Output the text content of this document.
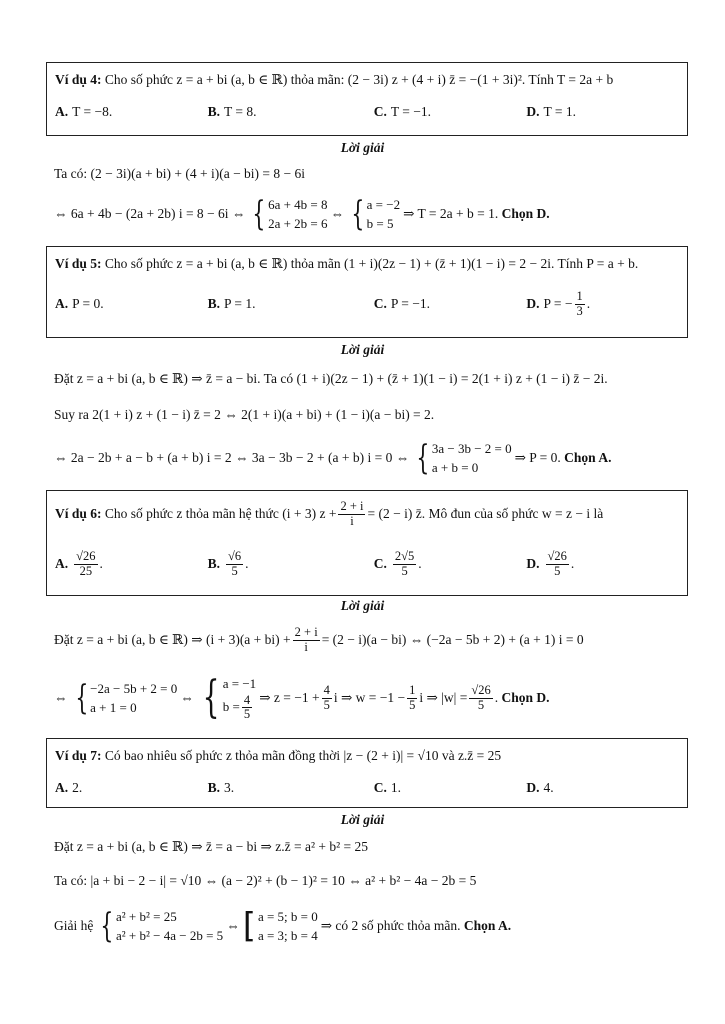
Ví dụ 4:
Cho số phức z = a + bi (a, b ∈ ℝ) thỏa mãn: (2 − 3i) z + (4 + i) z̄ = −(1 + 3i)². Tính T = 2a + b
A. T = −8.	B. T = 8.	C. T = −1.	D. T = 1.
Lời giải
Ta có: (2 − 3i)(a + bi) + (4 + i)(a − bi) = 8 − 6i
⇔ 6a + 4b − (2a + 2b) i = 8 − 6i ⇔ { 6a + 4b = 8
2a + 2b = 6
⇔ { a = −2
b = 5
⇒ T = 2a + b = 1.
Chọn D.
Ví dụ 5:
Cho số phức z = a + bi (a, b ∈ ℝ) thỏa mãn (1 + i)(2z − 1) + (z̄ + 1)(1 − i) = 2 − 2i. Tính P = a + b.
A. P = 0.	B. P = 1.	C. P = −1.	D. P = − $\frac{1}{3}$ .
Lời giải
Đặt z = a + bi (a, b ∈ ℝ) ⇒ z̄ = a − bi. Ta có (1 + i)(2z − 1) + (z̄ + 1)(1 − i) = 2(1 + i) z + (1 − i) z̄ − 2i.
Suy ra 2(1 + i) z + (1 − i) z̄ = 2 ⇔ 2(1 + i)(a + bi) + (1 − i)(a − bi) = 2.
⇔ 2a − 2b + a − b + (a + b) i = 2 ⇔ 3a − 3b − 2 + (a + b) i = 0 ⇔ { 3a − 3b − 2 = 0
a + b = 0
⇒ P = 0.
Chọn A.
Ví dụ 6:
Cho số phức z thỏa mãn hệ thức (i + 3) $z + \frac{2 + i}{i} = (2 - i)$ z̄. Mô đun của số phức w = z − i là
A. $\frac{√26}{25}$ .	B. $\frac{√6}{5}$ .	C. $\frac{2√5}{5}$ .	D. $\frac{√26}{5}$ .
Lời giải
Đặt z = a + bi (a, b ∈ ℝ) ⇒ $(i + 3)(a + bi) + \frac{2 + i}{i} = (2 - i)(a - bi)$ ⇔ (−2a − 5b + 2) + (a + 1) i = 0
⇔ { −2a − 5b + 2 = 0
a + 1 = 0
⇔ { a = −1
$b = \frac{4}{5}$ ⇒ $z = -1 + \frac{4}{5}$ i ⇒ $w = -1 - \frac{1}{5}$ i ⇒ $|w| = \frac{√26}{5}$ . Chọn D.
Ví dụ 7:
Có bao nhiêu số phức z thỏa mãn đồng thời |z − (2 + i)| = √10 và z.z̄ = 25
A. 2.	B. 3.	C. 1.	D. 4.
Lời giải
Đặt z = a + bi (a, b ∈ ℝ) ⇒ z̄ = a − bi ⇒ z.z̄ = a² + b² = 25
Ta có: |a + bi − 2 − i| = √10 ⇔ (a − 2)² + (b − 1)² = 10 ⇔ a² + b² − 4a − 2b = 5
Giải hệ { a² + b² = 25
a² + b² − 4a − 2b = 5
⇔ [ a = 5; b = 0
a = 3; b = 4
⇒ có 2 số phức thỏa mãn.
Chọn A.
